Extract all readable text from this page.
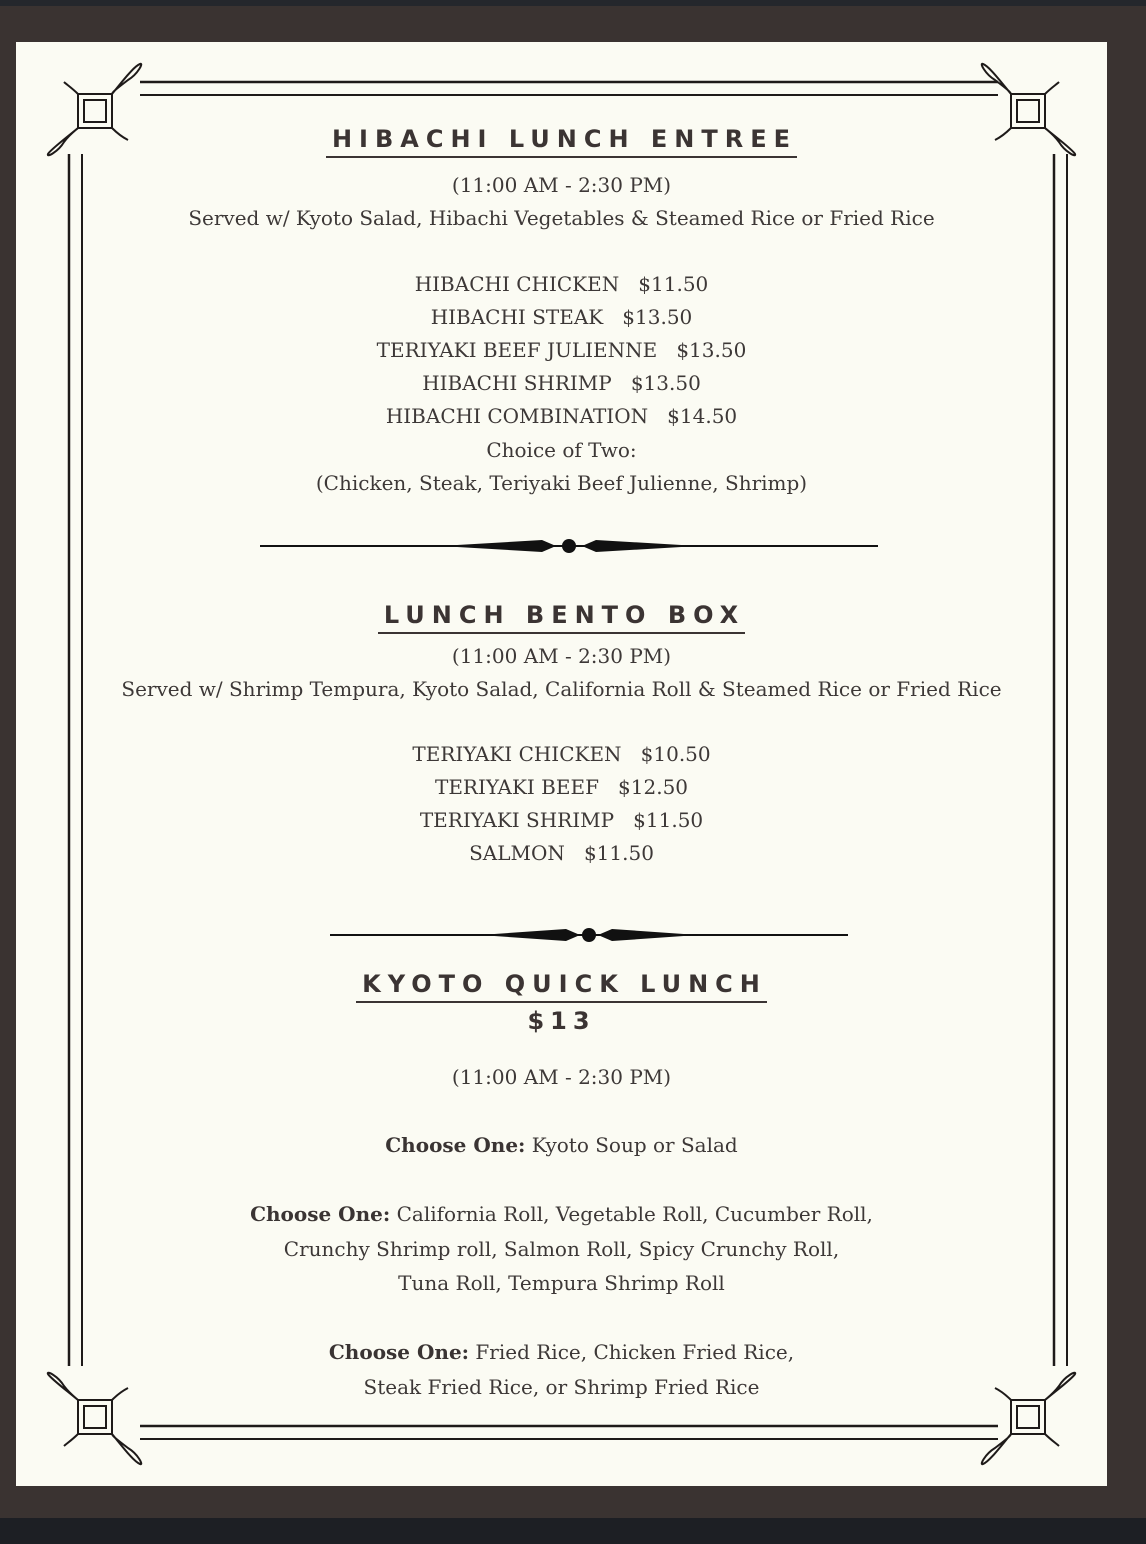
HIBACHI LUNCH ENTREE
(11:00 AM - 2:30 PM)
Served w/ Kyoto Salad, Hibachi Vegetables & Steamed Rice or Fried Rice
HIBACHI CHICKEN $11.50
HIBACHI STEAK $13.50
TERIYAKI BEEF JULIENNE $13.50
HIBACHI SHRIMP $13.50
HIBACHI COMBINATION $14.50
Choice of Two:
(Chicken, Steak, Teriyaki Beef Julienne, Shrimp)
LUNCH BENTO BOX
(11:00 AM - 2:30 PM)
Served w/ Shrimp Tempura, Kyoto Salad, California Roll & Steamed Rice or Fried Rice
TERIYAKI CHICKEN $10.50
TERIYAKI BEEF $12.50
TERIYAKI SHRIMP $11.50
SALMON $11.50
KYOTO QUICK LUNCH
$13
(11:00 AM - 2:30 PM)
Choose One: Kyoto Soup or Salad
Choose One: California Roll, Vegetable Roll, Cucumber Roll,
Crunchy Shrimp roll, Salmon Roll, Spicy Crunchy Roll,
Tuna Roll, Tempura Shrimp Roll
Choose One: Fried Rice, Chicken Fried Rice,
Steak Fried Rice, or Shrimp Fried Rice
